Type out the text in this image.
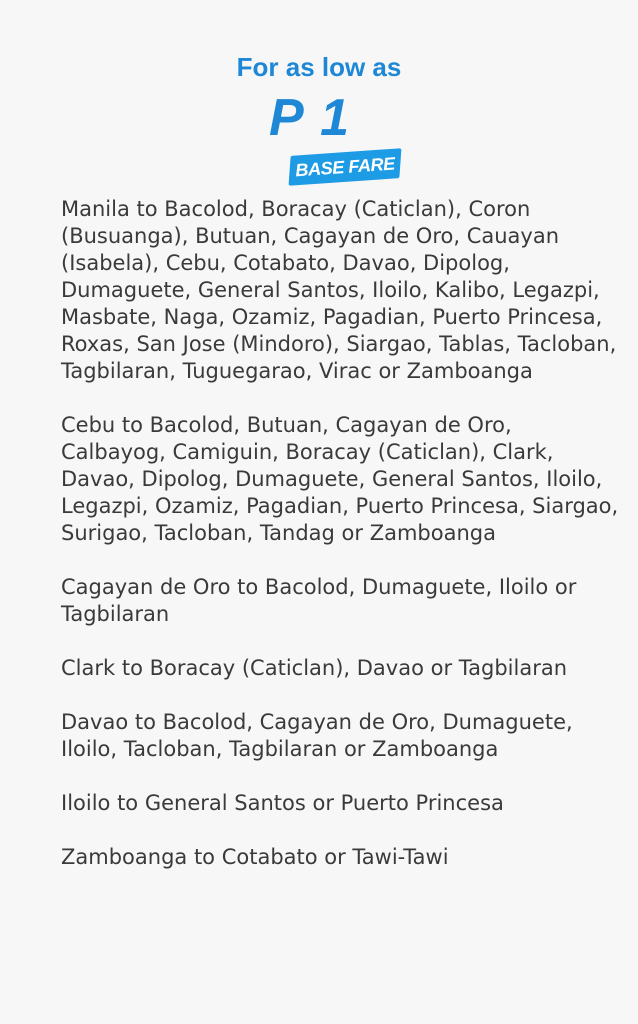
For as low as
P 1
BASE FARE

Manila to Bacolod, Boracay (Caticlan), Coron (Busuanga), Butuan, Cagayan de Oro, Cauayan (Isabela), Cebu, Cotabato, Davao, Dipolog, Dumaguete, General Santos, Iloilo, Kalibo, Legazpi, Masbate, Naga, Ozamiz, Pagadian, Puerto Princesa, Roxas, San Jose (Mindoro), Siargao, Tablas, Tacloban, Tagbilaran, Tuguegarao, Virac or Zamboanga

Cebu to Bacolod, Butuan, Cagayan de Oro, Calbayog, Camiguin, Boracay (Caticlan), Clark, Davao, Dipolog, Dumaguete, General Santos, Iloilo, Legazpi, Ozamiz, Pagadian, Puerto Princesa, Siargao, Surigao, Tacloban, Tandag or Zamboanga

Cagayan de Oro to Bacolod, Dumaguete, Iloilo or Tagbilaran

Clark to Boracay (Caticlan), Davao or Tagbilaran

Davao to Bacolod, Cagayan de Oro, Dumaguete, Iloilo, Tacloban, Tagbilaran or Zamboanga

Iloilo to General Santos or Puerto Princesa

Zamboanga to Cotabato or Tawi-Tawi
